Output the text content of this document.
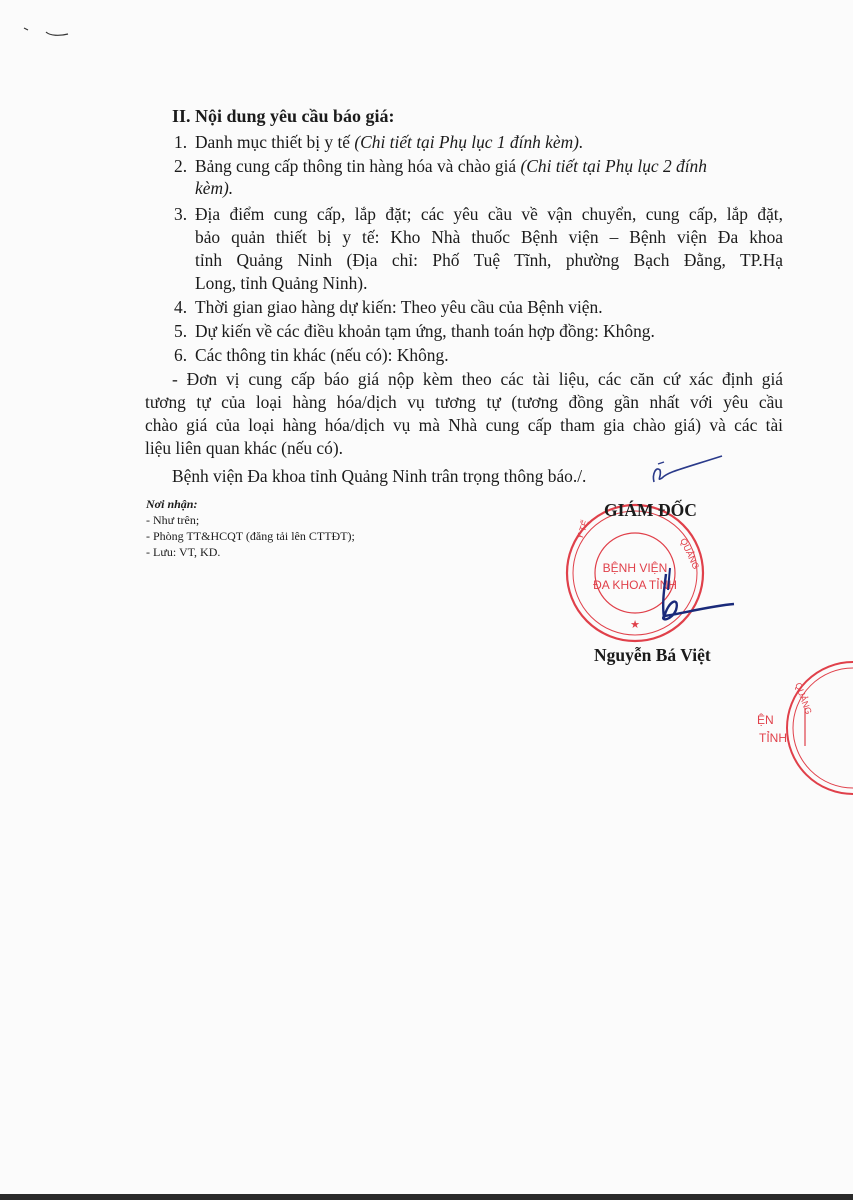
II. Nội dung yêu cầu báo giá:
1. Danh mục thiết bị y tế (Chi tiết tại Phụ lục 1 đính kèm).
2. Bảng cung cấp thông tin hàng hóa và chào giá (Chi tiết tại Phụ lục 2 đính
kèm).
3. Địa điểm cung cấp, lắp đặt; các yêu cầu về vận chuyển, cung cấp, lắp đặt,
bảo quản thiết bị y tế: Kho Nhà thuốc Bệnh viện – Bệnh viện Đa khoa
tỉnh Quảng Ninh (Địa chỉ: Phố Tuệ Tĩnh, phường Bạch Đằng, TP.Hạ
Long, tỉnh Quảng Ninh).
4. Thời gian giao hàng dự kiến: Theo yêu cầu của Bệnh viện.
5. Dự kiến về các điều khoản tạm ứng, thanh toán hợp đồng: Không.
6. Các thông tin khác (nếu có): Không.
- Đơn vị cung cấp báo giá nộp kèm theo các tài liệu, các căn cứ xác định giá
tương tự của loại hàng hóa/dịch vụ tương tự (tương đồng gần nhất với yêu cầu
chào giá của loại hàng hóa/dịch vụ mà Nhà cung cấp tham gia chào giá) và các tài
liệu liên quan khác (nếu có).
Bệnh viện Đa khoa tỉnh Quảng Ninh trân trọng thông báo./.
Nơi nhận:
- Như trên;
- Phòng TT&HCQT (đăng tải lên CTTĐT);
- Lưu: VT, KD.
BỆNH VIỆN
ĐA KHOA TỈNH
QUẢNG
Y TẾ
★
GIÁM ĐỐC
Nguyễn Bá Việt
ỆN
TỈNH
QUẢNG
